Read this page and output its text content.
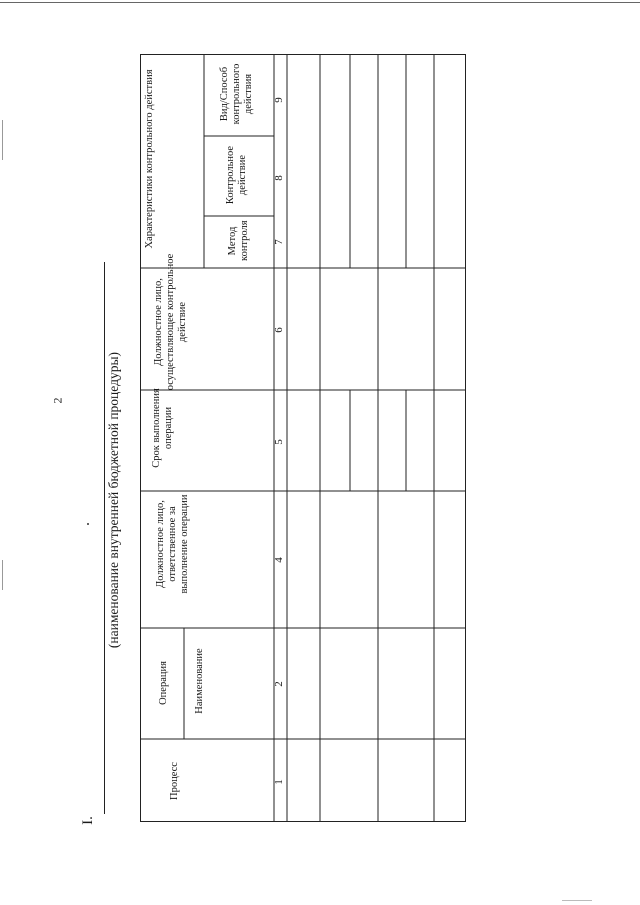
2
I.
(наименование внутренней бюджетной процедуры)
Процесс
Операция Наименование
Должностное лицо, ответственное за выполнение операции
Срок выполнения операции
Должностное лицо, осуществляющее контрольное действие
Характеристики контрольного действия	Метод контроля
Контрольное действие
Вид/Способ контрольного действия
1
2
4
5
6
7
8
9
